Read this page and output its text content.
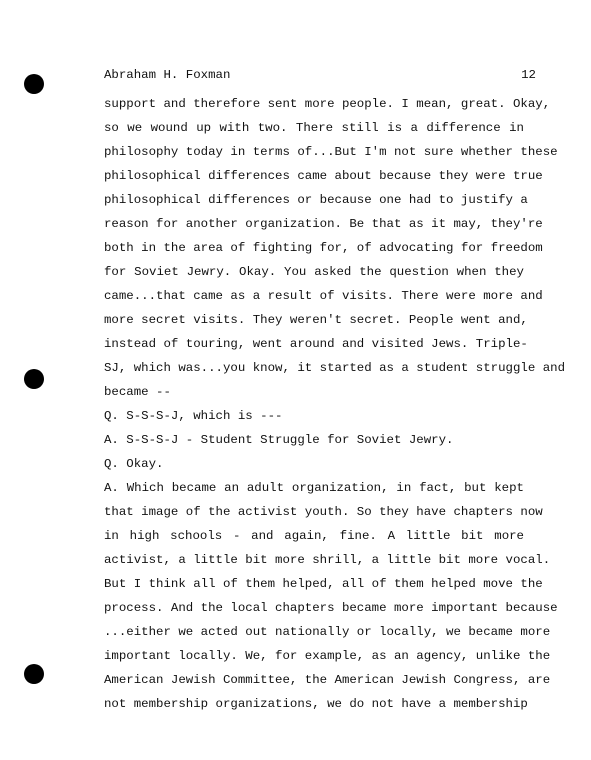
Abraham H. Foxman	12
support and therefore sent more people. I mean, great. Okay,
so we wound up with two. There still is a difference in
philosophy today in terms of...But I'm not sure whether these
philosophical differences came about because they were true
philosophical differences or because one had to justify a
reason for another organization. Be that as it may, they're
both in the area of fighting for, of advocating for freedom
for Soviet Jewry. Okay. You asked the question when they
came...that came as a result of visits. There were more and
more secret visits. They weren't secret. People went and,
instead of touring, went around and visited Jews. Triple-
SJ, which was...you know, it started as a student struggle and
became --
Q. S-S-S-J, which is ---
A. S-S-S-J - Student Struggle for Soviet Jewry.
Q. Okay.
A. Which became an adult organization, in fact, but kept
that image of the activist youth. So they have chapters now
in high schools - and again, fine. A little bit more
activist, a little bit more shrill, a little bit more vocal.
But I think all of them helped, all of them helped move the
process. And the local chapters became more important because
...either we acted out nationally or locally, we became more
important locally. We, for example, as an agency, unlike the
American Jewish Committee, the American Jewish Congress, are
not membership organizations, we do not have a membership
